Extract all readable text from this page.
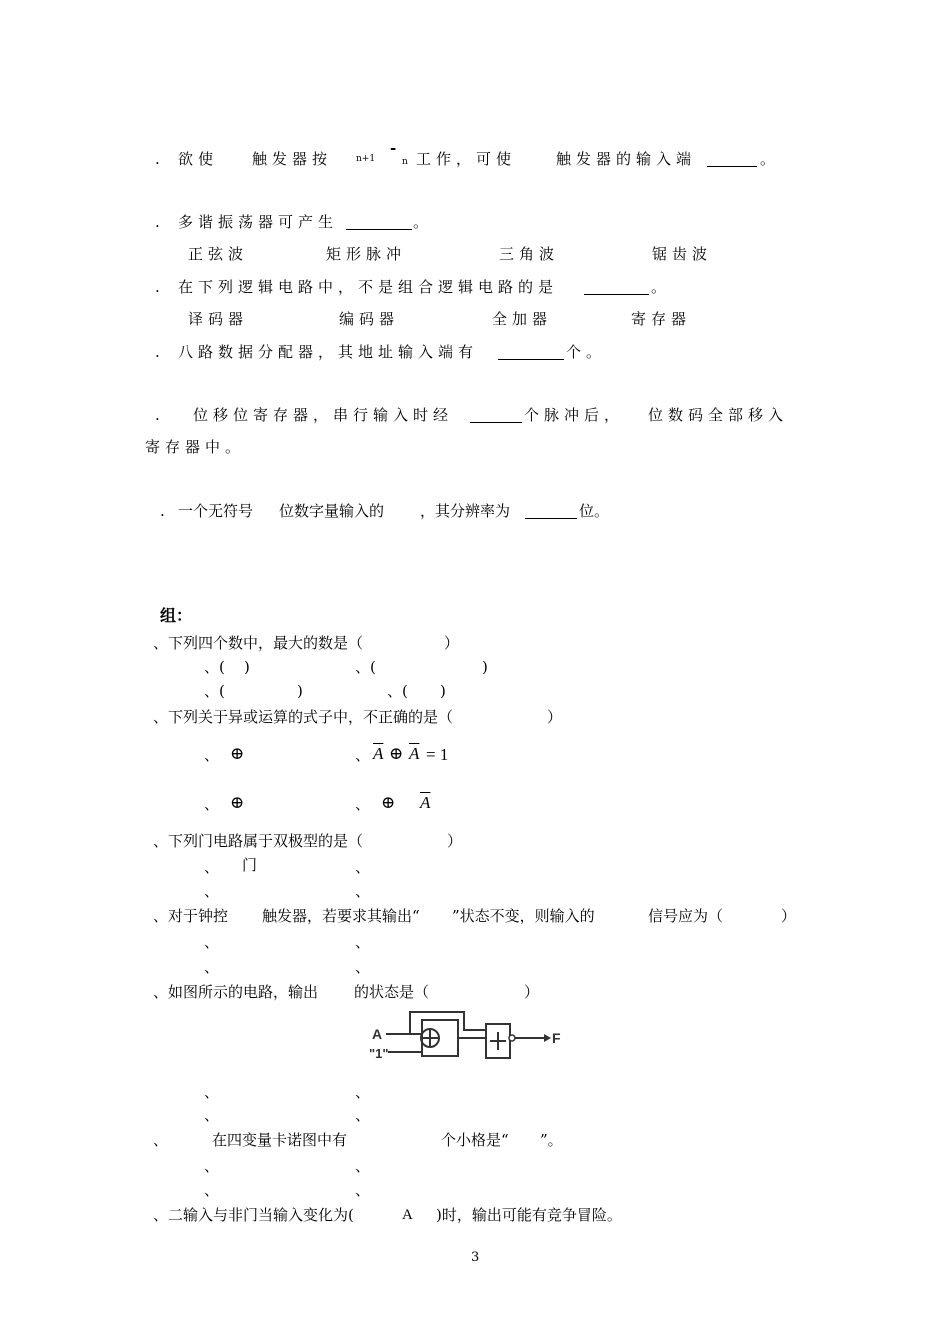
. 欲使 触发器按	n+1
-
n 工作，可使	触发器的输入端	。
. 多谐振荡器可产生	。
正弦波	矩形脉冲	三角波	锯齿波
. 在下列逻辑电路中，不是组合逻辑电路的是	。
译码器	编码器	全加器	寄存器
. 八路数据分配器，其地址输入端有	个。
. 位移位寄存器，串行输入时经	个脉冲后， 位数码全部移入
寄存器中。
. 一个无符号 位数字量输入的 ，其分辨率为	位。
组：
、下列四个数中，最大的数是（	）
、( )	、(	)
、(	)	、( )
、下列关于异或运算的式子中，不正确的是（	）
、 ⊕	、 $\overline{A}$ ⊕ $\overline{A} = 1$
、 ⊕	、 ⊕ $\overline{A}$
、下列门电路属于双极型的是（	）
、 门	、
、	、
、对于钟控 触发器，若要求其输出“ ”状态不变，则输入的	信号应为（	）
、	、
、	、
、如图所示的电路，输出 的状态是（	）
A
"1"
F
、	、
、	、
、	在四变量卡诺图中有	个小格是“ ”。
、	、
、	、
、二输入与非门当输入变化为(	A )时，输出可能有竞争冒险。
3
